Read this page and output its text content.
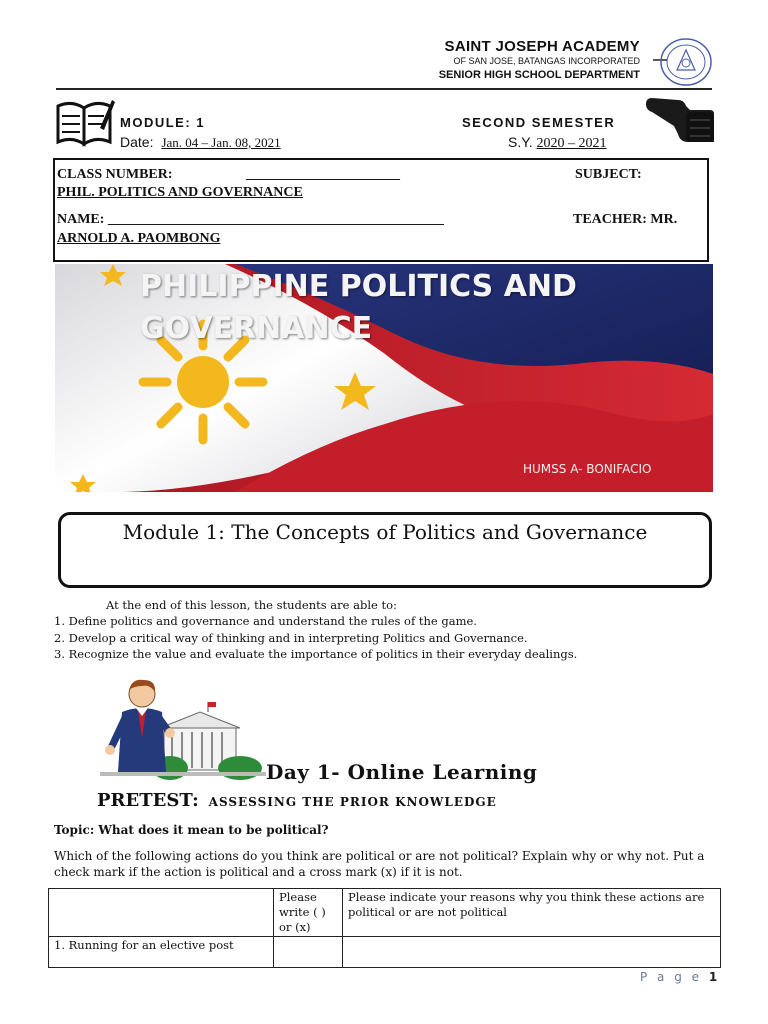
SAINT JOSEPH ACADEMY
OF SAN JOSE, BATANGAS INCORPORATED
SENIOR HIGH SCHOOL DEPARTMENT
MODULE: 1
Date: Jan. 04 – Jan. 08, 2021
SECOND SEMESTER
S.Y. 2020 – 2021
CLASS NUMBER:	______________________	SUBJECT:
PHIL. POLITICS AND GOVERNANCE
NAME: ________________________________________________	TEACHER: MR.
ARNOLD A. PAOMBONG
PHILIPPINE POLITICS AND
GOVERNANCE
HUMSS A- BONIFACIO
Module 1: The Concepts of Politics and Governance
At the end of this lesson, the students are able to:
1. Define politics and governance and understand the rules of the game.
2. Develop a critical way of thinking and in interpreting Politics and Governance.
3. Recognize the value and evaluate the importance of politics in their everyday dealings.
Day 1- Online Learning
PRETEST: ASSESSING THE PRIOR KNOWLEDGE
Topic: What does it mean to be political?
Which of the following actions do you think are political or are not political? Explain why or why not. Put a check mark if the action is political and a cross mark (x) if it is not.
	Please write ( ) or (x)	Please indicate your reasons why you think these actions are political or are not political
1. Running for an elective post		
P a g e 1
